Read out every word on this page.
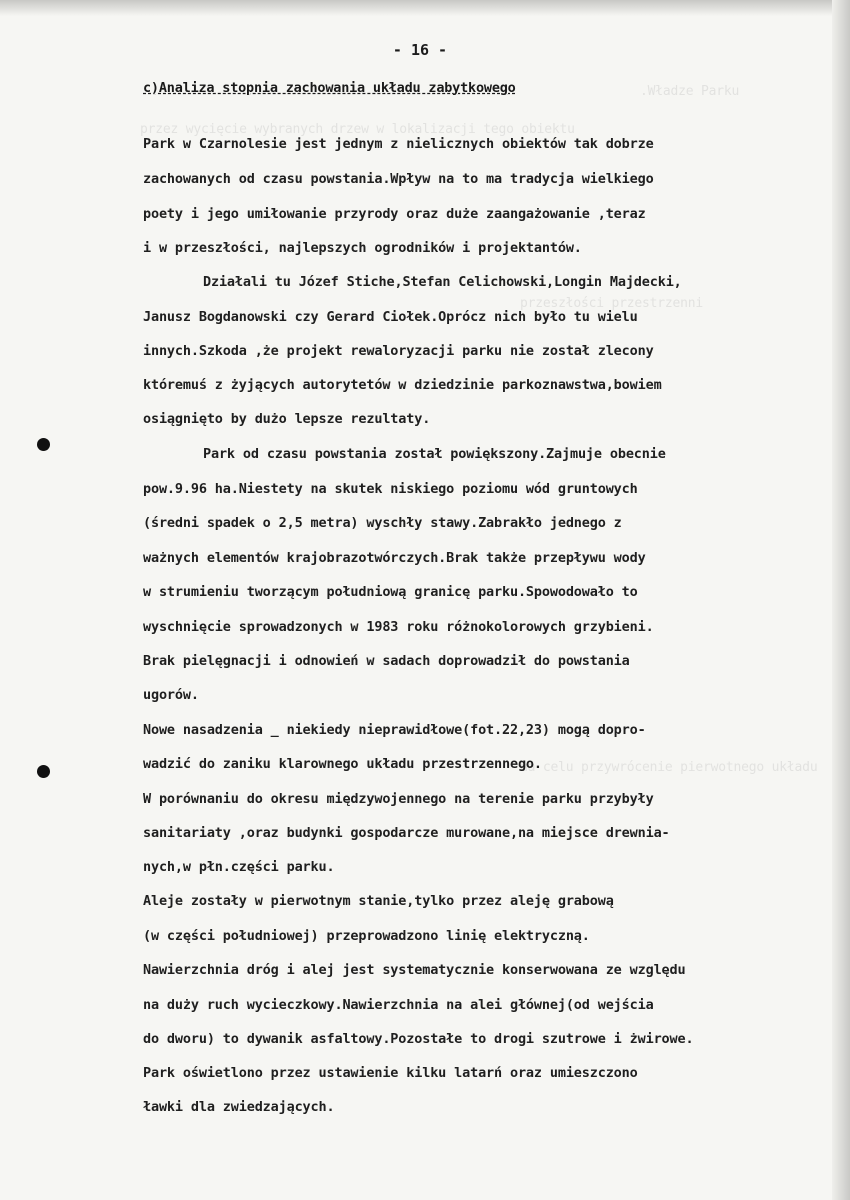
.Władze Parku
przez wycięcie wybranych drzew w lokalizacji tego obiektu
przeszłości przestrzenni
na celu przywrócenie pierwotnego układu
- 16 -
c)Analiza stopnia zachowania układu zabytkowego
Park w Czarnolesie jest jednym z nielicznych obiektów tak dobrze
zachowanych od czasu powstania.Wpływ na to ma tradycja wielkiego
poety i jego umiłowanie przyrody oraz duże zaangażowanie ,teraz
i w przeszłości, najlepszych ogrodników i projektantów.
Działali tu Józef Stiche,Stefan Celichowski,Longin Majdecki,
Janusz Bogdanowski czy Gerard Ciołek.Oprócz nich było tu wielu
innych.Szkoda ,że projekt rewaloryzacji parku nie został zlecony
któremuś z żyjących autorytetów w dziedzinie parkoznawstwa,bowiem
osiągnięto by dużo lepsze rezultaty.
Park od czasu powstania został powiększony.Zajmuje obecnie
pow.9.96 ha.Niestety na skutek niskiego poziomu wód gruntowych
(średni spadek o 2,5 metra) wyschły stawy.Zabrakło jednego z
ważnych elementów krajobrazotwórczych.Brak także przepływu wody
w strumieniu tworzącym południową granicę parku.Spowodowało to
wyschnięcie sprowadzonych w 1983 roku różnokolorowych grzybieni.
Brak pielęgnacji i odnowień w sadach doprowadził do powstania
ugorów.
Nowe nasadzenia _ niekiedy nieprawidłowe(fot.22,23) mogą dopro-
wadzić do zaniku klarownego układu przestrzennego.
W porównaniu do okresu międzywojennego na terenie parku przybyły
sanitariaty ,oraz budynki gospodarcze murowane,na miejsce drewnia-
nych,w płn.części parku.
Aleje zostały w pierwotnym stanie,tylko przez aleję grabową
(w części południowej) przeprowadzono linię elektryczną.
Nawierzchnia dróg i alej jest systematycznie konserwowana ze względu
na duży ruch wycieczkowy.Nawierzchnia na alei głównej(od wejścia
do dworu) to dywanik asfaltowy.Pozostałe to drogi szutrowe i żwirowe.
Park oświetlono przez ustawienie kilku latarń oraz umieszczono
ławki dla zwiedzających.
